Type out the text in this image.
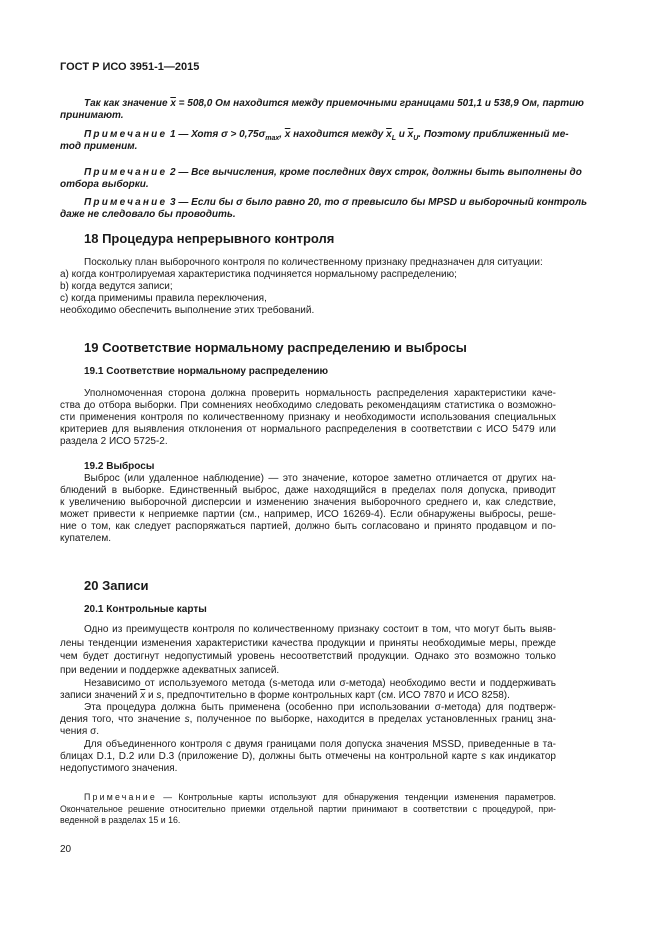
ГОСТ Р ИСО 3951-1—2015
Так как значение $\overline{x} = 508,0$ Ом находится между приемочными границами 501,1 и 538,9 Ом, партию
принимают.
Примечание 1 — Хотя $\sigma > 0,75\sigma_{max}$, $\overline{x}$ находится между $\overline{x}_L$ и $\overline{x}_U$. Поэтому приближенный ме-
тод применим.
Примечание 2 — Все вычисления, кроме последних двух строк, должны быть выполнены до
отбора выборки.
Примечание 3 — Если бы σ было равно 20, то σ превысило бы MPSD и выборочный контроль
даже не следовало бы проводить.
18 Процедура непрерывного контроля
Поскольку план выборочного контроля по количественному признаку предназначен для ситуации:
a) когда контролируемая характеристика подчиняется нормальному распределению;
b) когда ведутся записи;
c) когда применимы правила переключения,
необходимо обеспечить выполнение этих требований.
19 Соответствие нормальному распределению и выбросы
19.1 Соответствие нормальному распределению
Уполномоченная сторона должна проверить нормальность распределения характеристики каче-
ства до отбора выборки. При сомнениях необходимо следовать рекомендациям статистика о возможно-
сти применения контроля по количественному признаку и необходимости использования специальных
критериев для выявления отклонения от нормального распределения в соответствии с ИСО 5479 или
раздела 2 ИСО 5725-2.
19.2 Выбросы
Выброс (или удаленное наблюдение) — это значение, которое заметно отличается от других на-
блюдений в выборке. Единственный выброс, даже находящийся в пределах поля допуска, приводит
к увеличению выборочной дисперсии и изменению значения выборочного среднего и, как следствие,
может привести к неприемке партии (см., например, ИСО 16269-4). Если обнаружены выбросы, реше-
ние о том, как следует распоряжаться партией, должно быть согласовано и принято продавцом и по-
купателем.
20 Записи
20.1 Контрольные карты
Одно из преимуществ контроля по количественному признаку состоит в том, что могут быть выяв-
лены тенденции изменения характеристики качества продукции и приняты необходимые меры, прежде
чем будет достигнут недопустимый уровень несоответствий продукции. Однако это возможно только
при ведении и поддержке адекватных записей.
Независимо от используемого метода (s-метода или σ-метода) необходимо вести и поддерживать
записи значений $\overline{x}$ и s, предпочтительно в форме контрольных карт (см. ИСО 7870 и ИСО 8258).
Эта процедура должна быть применена (особенно при использовании σ-метода) для подтверж-
дения того, что значение s, полученное по выборке, находится в пределах установленных границ зна-
чения σ.
Для объединенного контроля с двумя границами поля допуска значения MSSD, приведенные в та-
блицах D.1, D.2 или D.3 (приложение D), должны быть отмечены на контрольной карте s как индикатор
недопустимого значения.
Примечание — Контрольные карты используют для обнаружения тенденции изменения параметров.
Окончательное решение относительно приемки отдельной партии принимают в соответствии с процедурой, при-
веденной в разделах 15 и 16.
20
